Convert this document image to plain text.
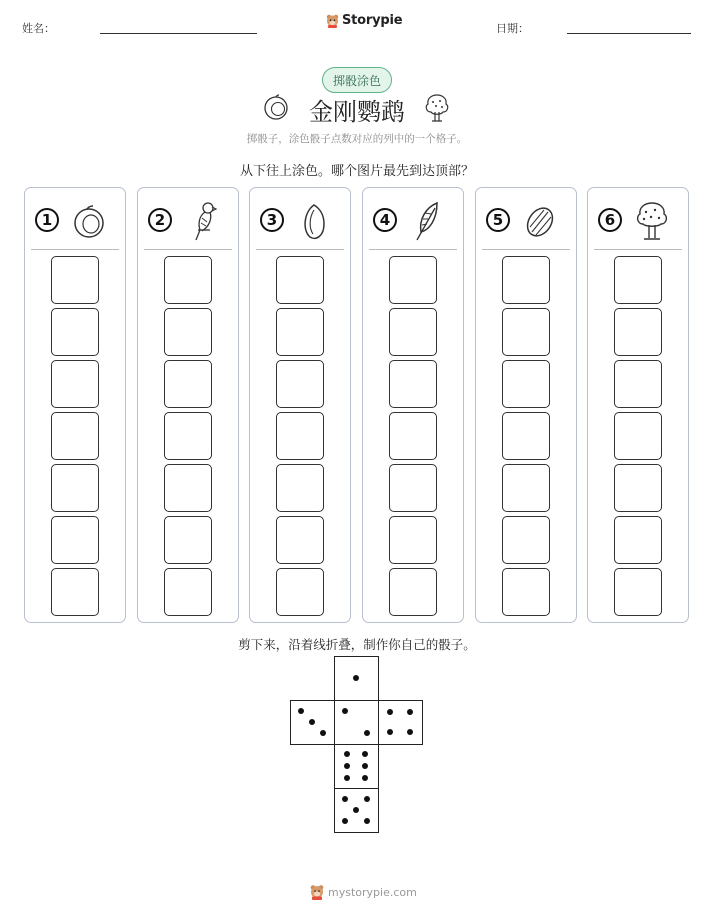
姓名：
Storypie
日期：
掷骰涂色
金刚鹦鹉
掷骰子，涂色骰子点数对应的列中的一个格子。
从下往上涂色。哪个图片最先到达顶部？
1	2	3	4	5	6
剪下来，沿着线折叠，制作你自己的骰子。
mystorypie.com
